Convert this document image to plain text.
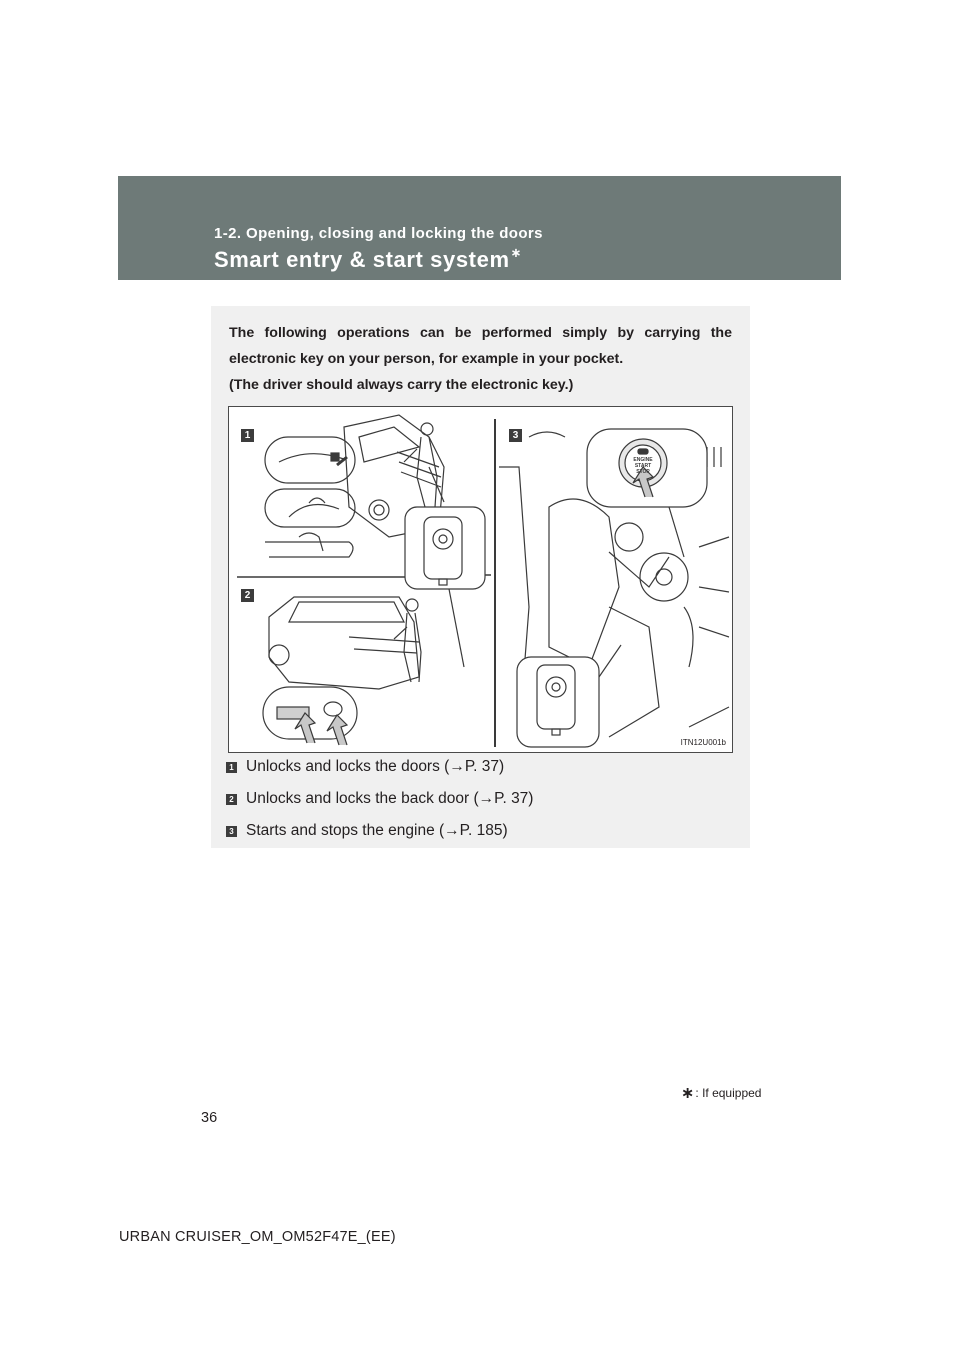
1-2. Opening, closing and locking the doors
Smart entry & start system∗

The following operations can be performed simply by carrying the electronic key on your person, for example in your pocket.

(The driver should always carry the electronic key.)

ENGINE
START
STOP
1
2
3
ITN12U001b
1 Unlocks and locks the doors (→P. 37)
2 Unlocks and locks the back door (→P. 37)
3 Starts and stops the engine (→P. 185)
∗: If equipped
36
URBAN CRUISER_OM_OM52F47E_(EE)
